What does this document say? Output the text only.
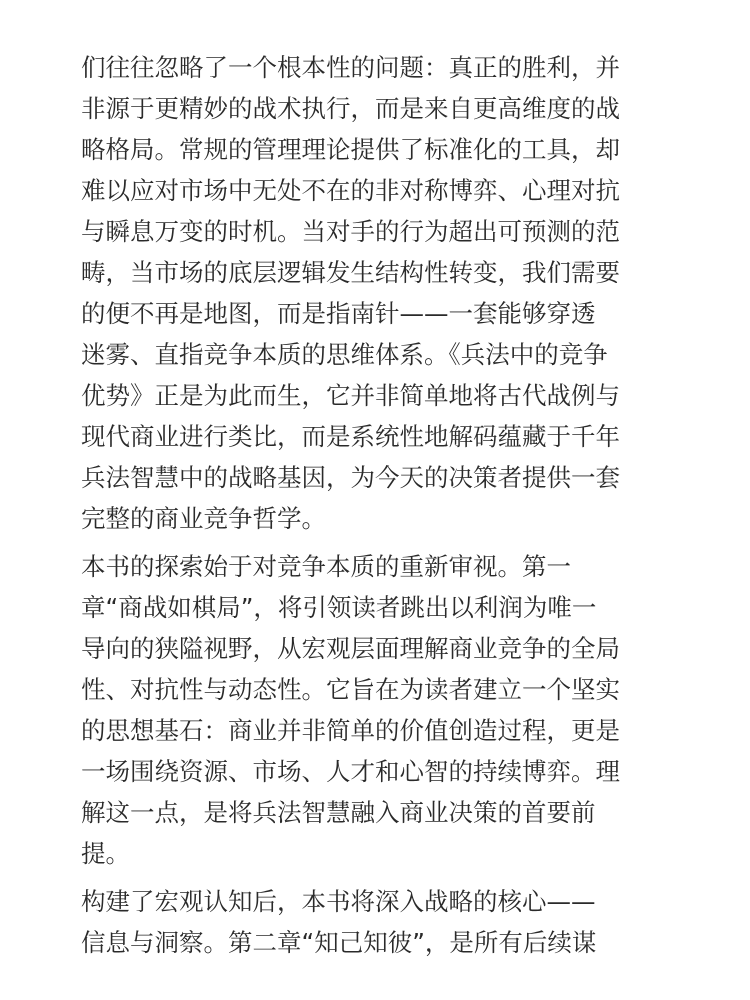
们往往忽略了一个根本性的问题：真正的胜利，并
非源于更精妙的战术执行，而是来自更高维度的战
略格局。常规的管理理论提供了标准化的工具，却
难以应对市场中无处不在的非对称博弈、心理对抗
与瞬息万变的时机。当对手的行为超出可预测的范
畴，当市场的底层逻辑发生结构性转变，我们需要
的便不再是地图，而是指南针——一套能够穿透
迷雾、直指竞争本质的思维体系。《兵法中的竞争
优势》正是为此而生，它并非简单地将古代战例与
现代商业进行类比，而是系统性地解码蕴藏于千年
兵法智慧中的战略基因，为今天的决策者提供一套
完整的商业竞争哲学。
本书的探索始于对竞争本质的重新审视。第一
章“商战如棋局”，将引领读者跳出以利润为唯一
导向的狭隘视野，从宏观层面理解商业竞争的全局
性、对抗性与动态性。它旨在为读者建立一个坚实
的思想基石：商业并非简单的价值创造过程，更是
一场围绕资源、市场、人才和心智的持续博弈。理
解这一点，是将兵法智慧融入商业决策的首要前
提。
构建了宏观认知后，本书将深入战略的核心——
信息与洞察。第二章“知己知彼”，是所有后续谋
